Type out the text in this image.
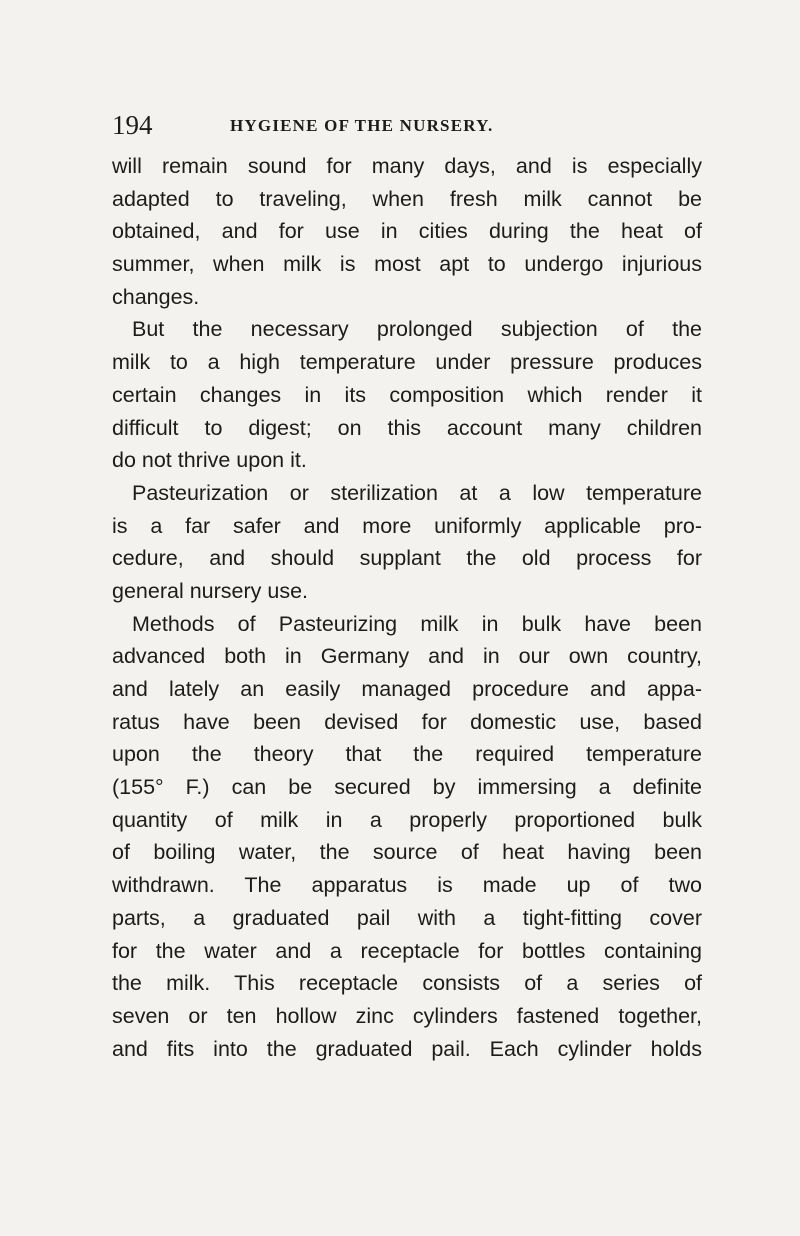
194	HYGIENE OF THE NURSERY.
will remain sound for many days, and is especially
adapted to traveling, when fresh milk cannot be
obtained, and for use in cities during the heat of
summer, when milk is most apt to undergo injurious
changes.
But the necessary prolonged subjection of the
milk to a high temperature under pressure produces
certain changes in its composition which render it
difficult to digest; on this account many children
do not thrive upon it.
Pasteurization or sterilization at a low temperature
is a far safer and more uniformly applicable pro-
cedure, and should supplant the old process for
general nursery use.
Methods of Pasteurizing milk in bulk have been
advanced both in Germany and in our own country,
and lately an easily managed procedure and appa-
ratus have been devised for domestic use, based
upon the theory that the required temperature
(155° F.) can be secured by immersing a definite
quantity of milk in a properly proportioned bulk
of boiling water, the source of heat having been
withdrawn. The apparatus is made up of two
parts, a graduated pail with a tight-fitting cover
for the water and a receptacle for bottles containing
the milk. This receptacle consists of a series of
seven or ten hollow zinc cylinders fastened together,
and fits into the graduated pail. Each cylinder holds
